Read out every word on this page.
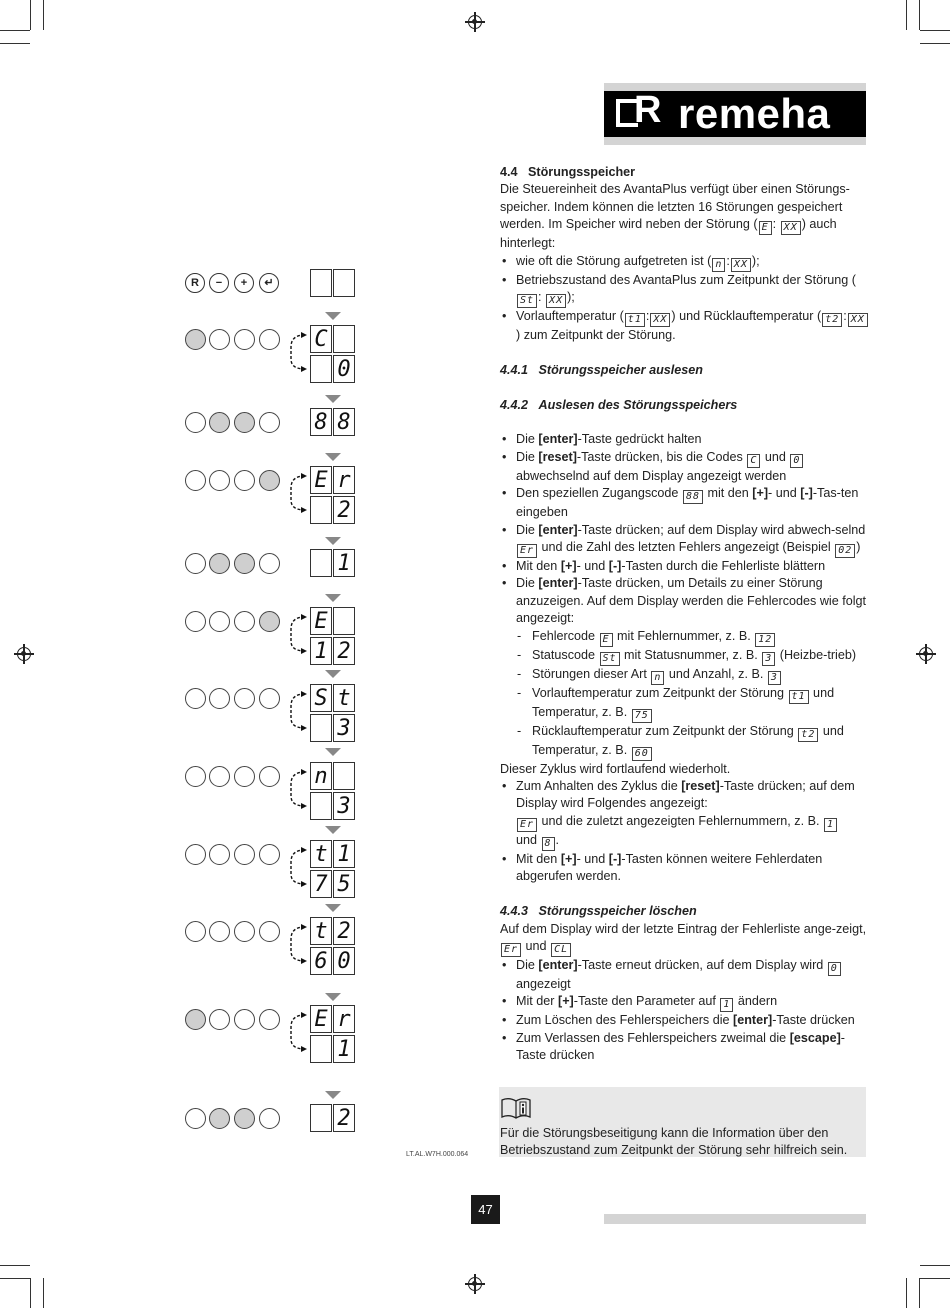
R remeha
R	−	+	↵
C
0
8 8
E r
2
1
E
1 2
S t
3
n
3
t 1
7 5
t 2
6 0
E r
1
2

4.4   Störungsspeicher

Die Steuereinheit des AvantaPlus verfügt über einen Störungs-speicher. Indem können die letzten 16 Störungen gespeichert werden. Im Speicher wird neben der Störung ( E : XX ) auch hinterlegt:

• wie oft die Störung aufgetreten ist ( n : XX );
• Betriebszustand des AvantaPlus zum Zeitpunkt der Störung (St : XX );
• Vorlauftemperatur ( t1 : XX ) und Rücklauftemperatur ( t2 : XX) zum Zeitpunkt der Störung.

4.4.1   Störungsspeicher auslesen

4.4.2   Auslesen des Störungsspeichers

• Die [enter]-Taste gedrückt halten
• Die [reset]-Taste drücken, bis die Codes C und 0 abwechselnd auf dem Display angezeigt werden
• Den speziellen Zugangscode 88 mit den [+]- und [-]-Tas-ten eingeben
• Die [enter]-Taste drücken; auf dem Display wird abwech-selnd Er und die Zahl des letzten Fehlers angezeigt (Beispiel 02 )
• Mit den [+]- und [-]-Tasten durch die Fehlerliste blättern
• Die [enter]-Taste drücken, um Details zu einer Störung anzuzeigen. Auf dem Display werden die Fehlercodes wie folgt angezeigt:
- Fehlercode E mit Fehlernummer, z. B. 12
- Statuscode St mit Statusnummer, z. B. 3 (Heizbe-trieb)
- Störungen dieser Art n und Anzahl, z. B. 3
- Vorlauftemperatur zum Zeitpunkt der Störung t1 und Temperatur, z. B. 75
- Rücklauftemperatur zum Zeitpunkt der Störung t2 und Temperatur, z. B. 60

Dieser Zyklus wird fortlaufend wiederholt.

• Zum Anhalten des Zyklus die [reset]-Taste drücken; auf dem Display wird Folgendes angezeigt:
Er und die zuletzt angezeigten Fehlernummern, z. B. 1
und 8 .
• Mit den [+]- und [-]-Tasten können weitere Fehlerdaten abgerufen werden.

4.4.3   Störungsspeicher löschen

Auf dem Display wird der letzte Eintrag der Fehlerliste ange-zeigt, Er und CL

• Die [enter]-Taste erneut drücken, auf dem Display wird 0 angezeigt
• Mit der [+]-Taste den Parameter auf 1 ändern
• Zum Löschen des Fehlerspeichers die [enter]-Taste drücken
• Zum Verlassen des Fehlerspeichers zweimal die [escape]-Taste drücken
Für die Störungsbeseitigung kann die Information über den Betriebszustand zum Zeitpunkt der Störung sehr hilfreich sein.
LT.AL.W7H.000.064
47
